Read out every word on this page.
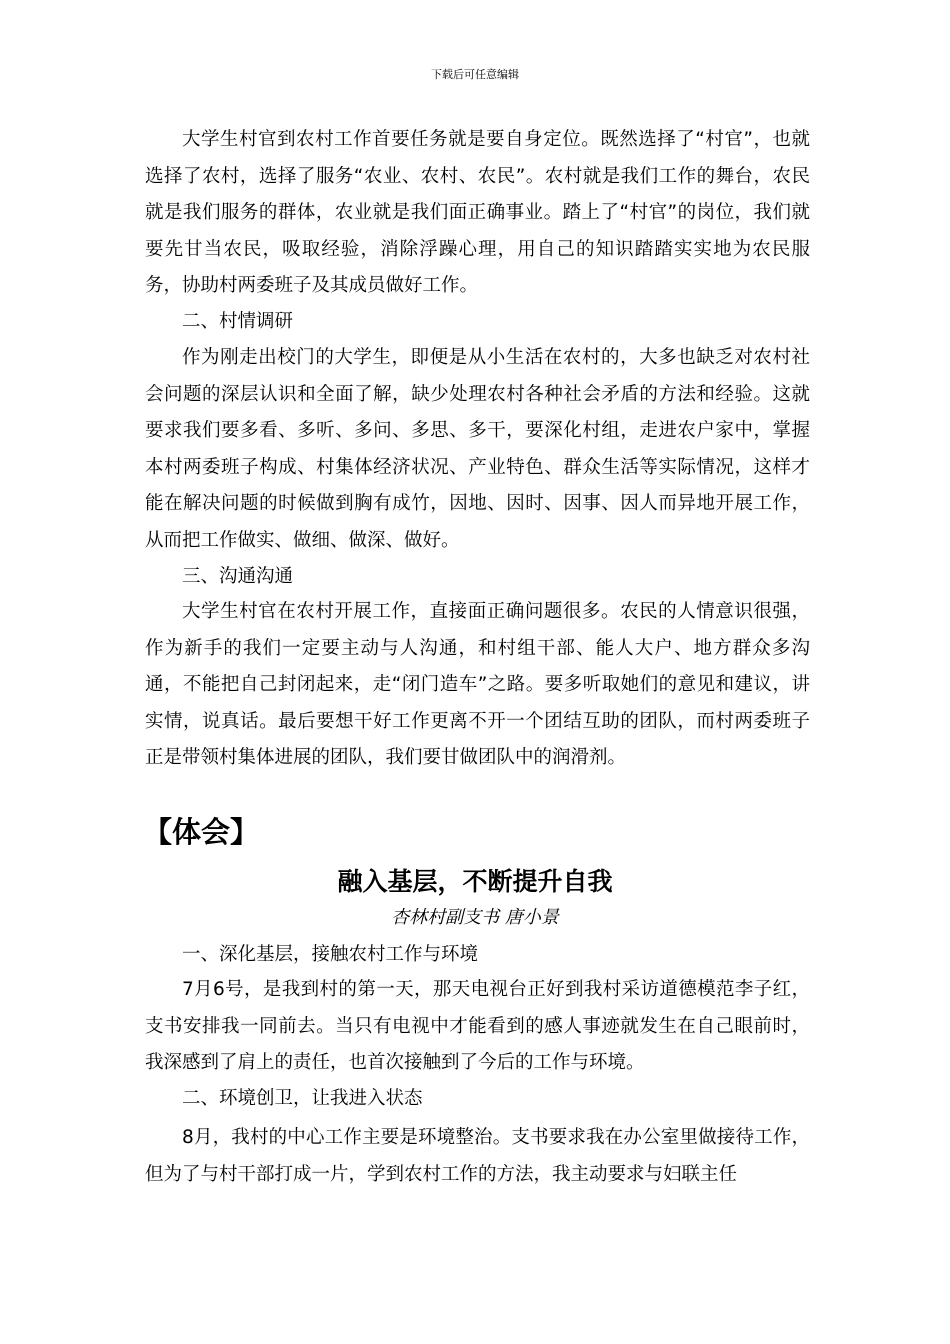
下载后可任意编辑

大学生村官到农村工作首要任务就是要自身定位。既然选择了“村官”，也就选择了农村，选择了服务“农业、农村、农民”。农村就是我们工作的舞台，农民就是我们服务的群体，农业就是我们面正确事业。踏上了“村官”的岗位，我们就要先甘当农民，吸取经验，消除浮躁心理，用自己的知识踏踏实实地为农民服务，协助村两委班子及其成员做好工作。

二、村情调研

作为刚走出校门的大学生，即便是从小生活在农村的，大多也缺乏对农村社会问题的深层认识和全面了解，缺少处理农村各种社会矛盾的方法和经验。这就要求我们要多看、多听、多问、多思、多干，要深化村组，走进农户家中，掌握本村两委班子构成、村集体经济状况、产业特色、群众生活等实际情况，这样才能在解决问题的时候做到胸有成竹，因地、因时、因事、因人而异地开展工作，从而把工作做实、做细、做深、做好。

三、沟通沟通

大学生村官在农村开展工作，直接面正确问题很多。农民的人情意识很强，作为新手的我们一定要主动与人沟通，和村组干部、能人大户、地方群众多沟通，不能把自己封闭起来，走“闭门造车”之路。要多听取她们的意见和建议，讲实情，说真话。最后要想干好工作更离不开一个团结互助的团队，而村两委班子正是带领村集体进展的团队，我们要甘做团队中的润滑剂。

【体会】
融入基层，不断提升自我
杏林村副支书 唐小景

一、深化基层，接触农村工作与环境

7月6号，是我到村的第一天，那天电视台正好到我村采访道德模范李子红，支书安排我一同前去。当只有电视中才能看到的感人事迹就发生在自己眼前时，我深感到了肩上的责任，也首次接触到了今后的工作与环境。

二、环境创卫，让我进入状态

8月，我村的中心工作主要是环境整治。支书要求我在办公室里做接待工作，但为了与村干部打成一片，学到农村工作的方法，我主动要求与妇联主任
